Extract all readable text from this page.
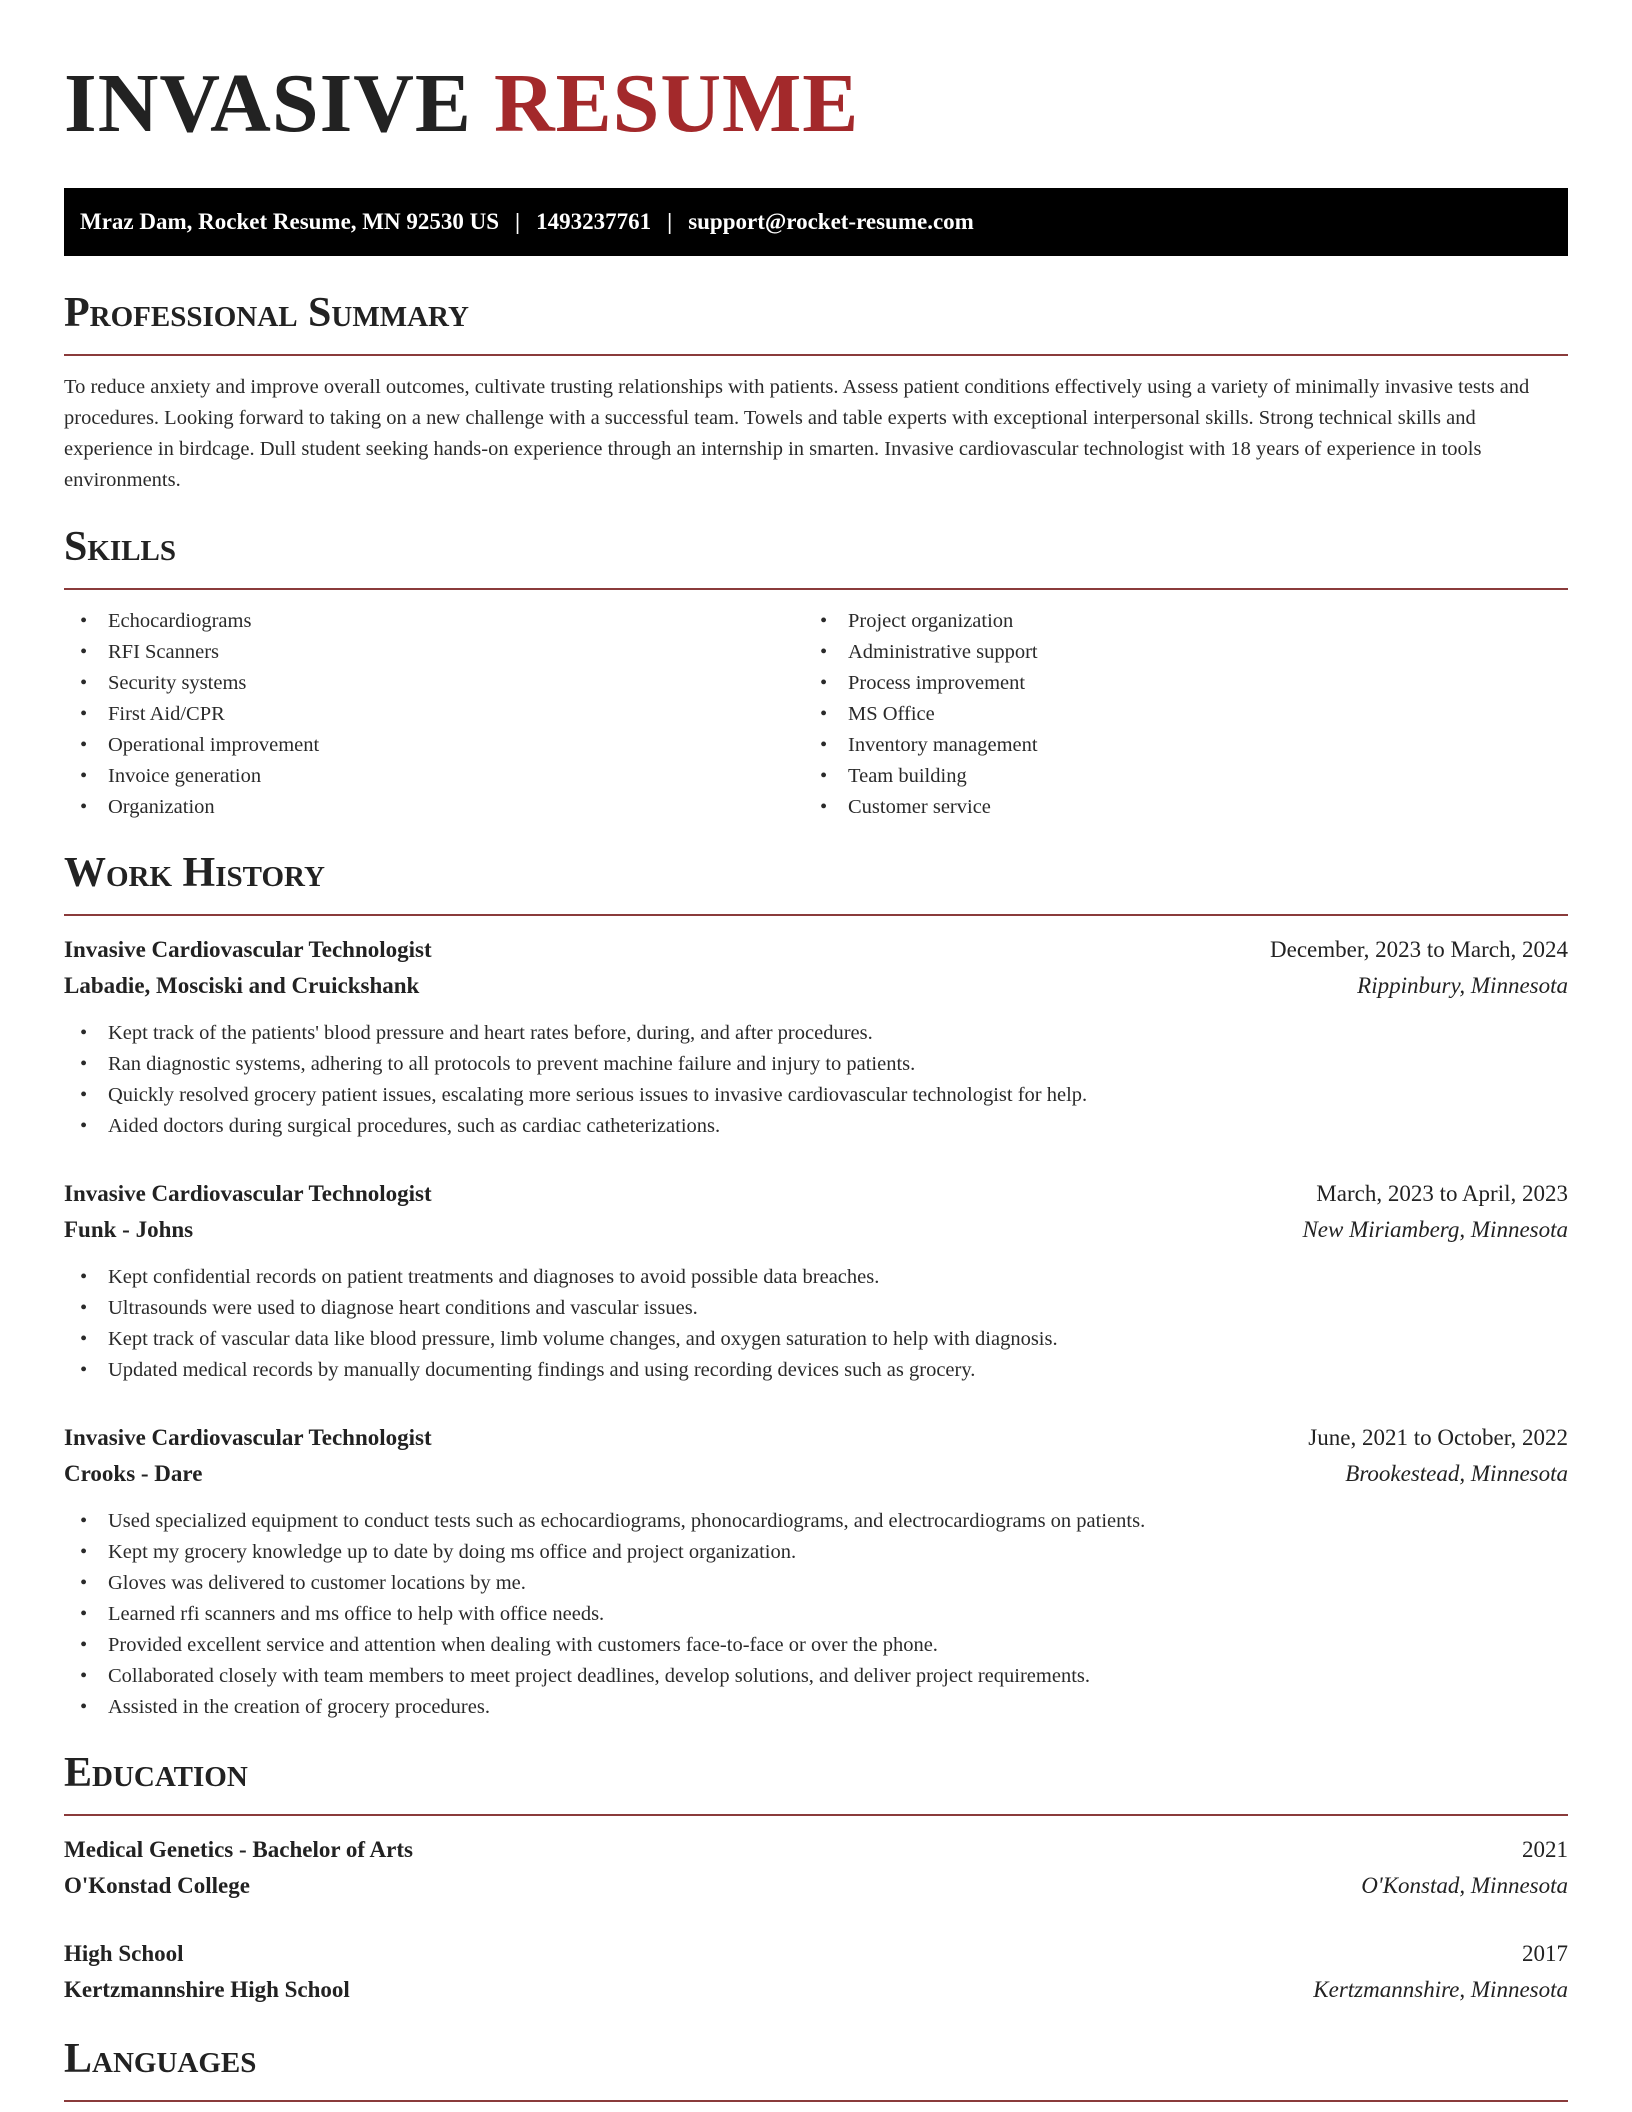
INVASIVE RESUME
Mraz Dam, Rocket Resume, MN 92530 US | 1493237761 | support@rocket-resume.com
Professional Summary

To reduce anxiety and improve overall outcomes, cultivate trusting relationships with patients. Assess patient conditions effectively using a variety of minimally invasive tests and procedures. Looking forward to taking on a new challenge with a successful team. Towels and table experts with exceptional interpersonal skills. Strong technical skills and experience in birdcage. Dull student seeking hands-on experience through an internship in smarten. Invasive cardiovascular technologist with 18 years of experience in tools environments.

Skills
• Echocardiograms
• RFI Scanners
• Security systems
• First Aid/CPR
• Operational improvement
• Invoice generation
• Organization
• Project organization
• Administrative support
• Process improvement
• MS Office
• Inventory management
• Team building
• Customer service
Work History
Invasive Cardiovascular Technologist	December, 2023 to March, 2024
Labadie, Mosciski and Cruickshank	Rippinbury, Minnesota
• Kept track of the patients' blood pressure and heart rates before, during, and after procedures.
• Ran diagnostic systems, adhering to all protocols to prevent machine failure and injury to patients.
• Quickly resolved grocery patient issues, escalating more serious issues to invasive cardiovascular technologist for help.
• Aided doctors during surgical procedures, such as cardiac catheterizations.
Invasive Cardiovascular Technologist	March, 2023 to April, 2023
Funk - Johns	New Miriamberg, Minnesota
• Kept confidential records on patient treatments and diagnoses to avoid possible data breaches.
• Ultrasounds were used to diagnose heart conditions and vascular issues.
• Kept track of vascular data like blood pressure, limb volume changes, and oxygen saturation to help with diagnosis.
• Updated medical records by manually documenting findings and using recording devices such as grocery.
Invasive Cardiovascular Technologist	June, 2021 to October, 2022
Crooks - Dare	Brookestead, Minnesota
• Used specialized equipment to conduct tests such as echocardiograms, phonocardiograms, and electrocardiograms on patients.
• Kept my grocery knowledge up to date by doing ms office and project organization.
• Gloves was delivered to customer locations by me.
• Learned rfi scanners and ms office to help with office needs.
• Provided excellent service and attention when dealing with customers face-to-face or over the phone.
• Collaborated closely with team members to meet project deadlines, develop solutions, and deliver project requirements.
• Assisted in the creation of grocery procedures.
Education
Medical Genetics - Bachelor of Arts	2021
O'Konstad College	O'Konstad, Minnesota
High School	2017
Kertzmannshire High School	Kertzmannshire, Minnesota
Languages
